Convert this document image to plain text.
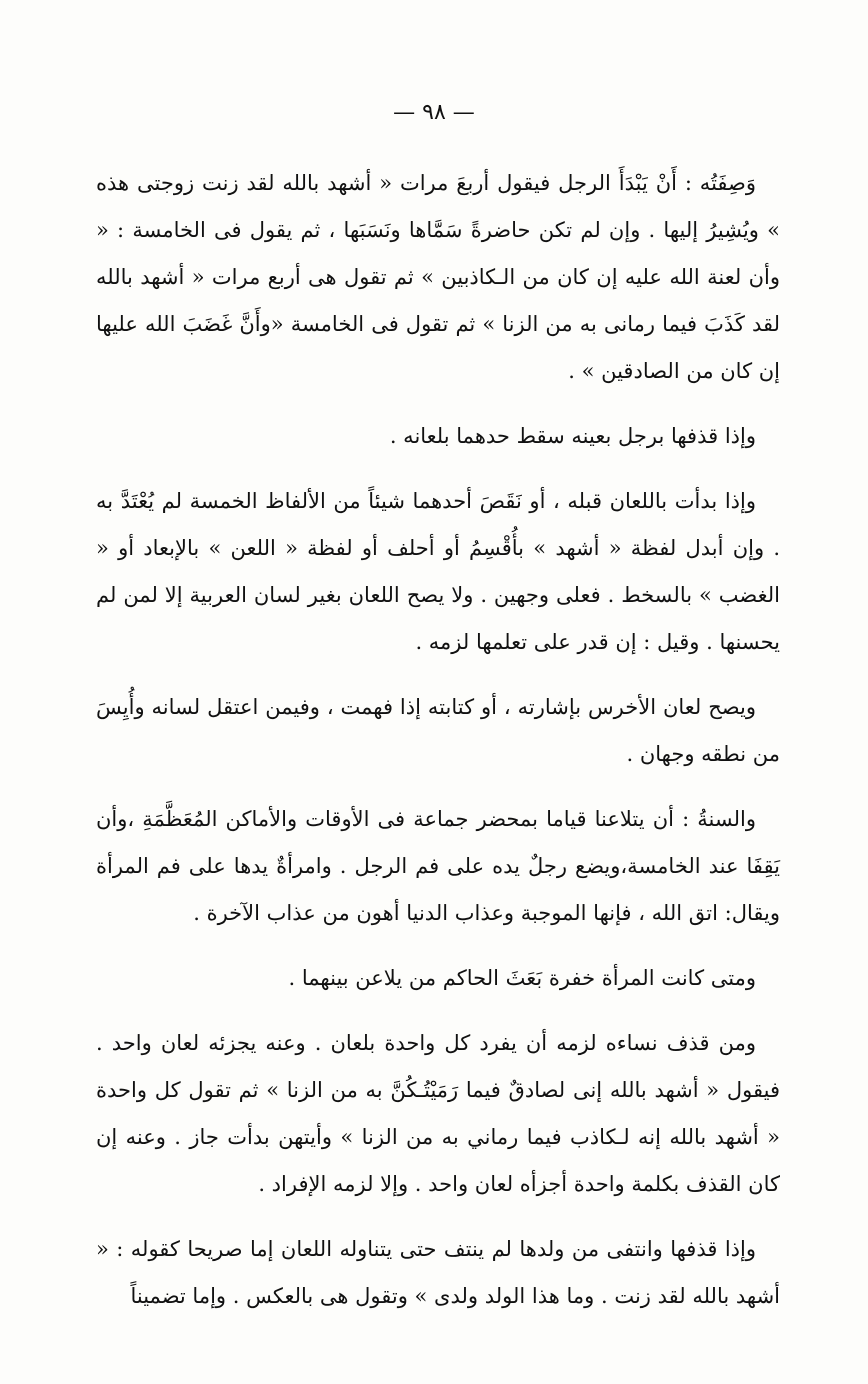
— ٩٨ —

وَصِفَتُه : أَنْ يَبْدَأَ الرجل فيقول أربعَ مرات « أشهد بالله لقد زنت زوجتى هذه » ويُشِيرُ إليها . وإن لم تكن حاضرةً سَمَّاها ونَسَبَها ، ثم يقول فى الخامسة : « وأن لعنة الله عليه إن كان من الـكاذبين » ثم تقول هى أربع مرات « أشهد بالله لقد كَذَبَ فيما رمانى به من الزنا » ثم تقول فى الخامسة «وأَنَّ غَضَبَ الله عليها إن كان من الصادقين » .

وإذا قذفها برجل بعينه سقط حدهما بلعانه .

وإذا بدأت باللعان قبله ، أو نَقَصَ أحدهما شيئاً من الألفاظ الخمسة لم يُعْتَدَّ به . وإن أبدل لفظة « أشهد » بأُقْسِمُ أو أحلف أو لفظة « اللعن » بالإبعاد أو « الغضب » بالسخط . فعلى وجهين . ولا يصح اللعان بغير لسان العربية إلا لمن لم يحسنها . وقيل : إن قدر على تعلمها لزمه .

ويصح لعان الأخرس بإشارته ، أو كتابته إذا فهمت ، وفيمن اعتقل لسانه وأُيِسَ من نطقه وجهان .

والسنةُ : أن يتلاعنا قياما بمحضر جماعة فى الأوقات والأماكن المُعَظَّمَةِ ،وأن يَقِفَا عند الخامسة،ويضع رجلٌ يده على فم الرجل . وامرأةٌ يدها على فم المرأة ويقال: اتق الله ، فإنها الموجبة وعذاب الدنيا أهون من عذاب الآخرة .

ومتى كانت المرأة خفرة بَعَثَ الحاكم من يلاعن بينهما .

ومن قذف نساءه لزمه أن يفرد كل واحدة بلعان . وعنه يجزئه لعان واحد . فيقول « أشهد بالله إنى لصادقٌ فيما رَمَيْتُـكُنَّ به من الزنا » ثم تقول كل واحدة « أشهد بالله إنه لـكاذب فيما رماني به من الزنا » وأيتهن بدأت جاز . وعنه إن كان القذف بكلمة واحدة أجزأه لعان واحد . وإلا لزمه الإفراد .

وإذا قذفها وانتفى من ولدها لم ينتف حتى يتناوله اللعان إما صريحا كقوله : « أشهد بالله لقد زنت . وما هذا الولد ولدى » وتقول هى بالعكس . وإما تضميناً
